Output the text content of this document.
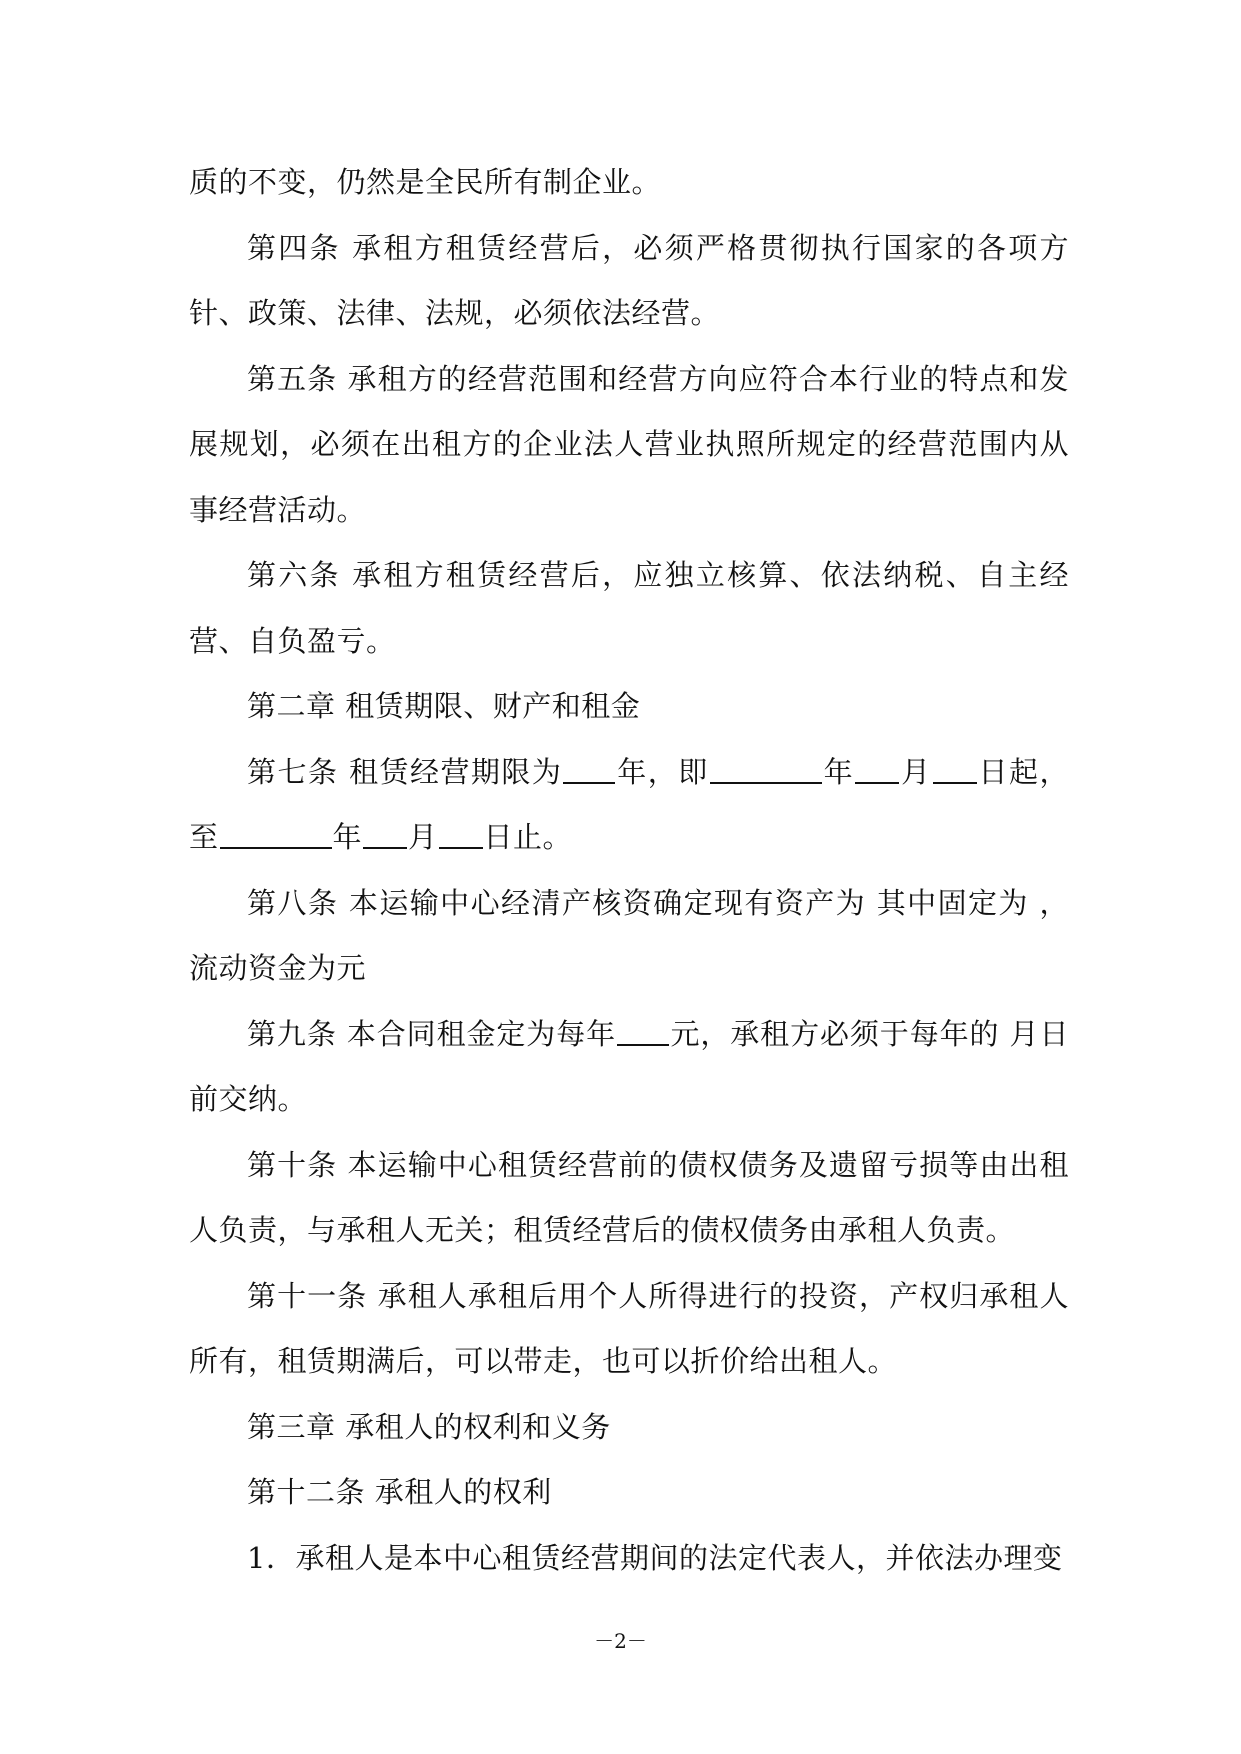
质的不变，仍然是全民所有制企业。

第四条 承租方租赁经营后，必须严格贯彻执行国家的各项方针、政策、法律、法规，必须依法经营。

第五条 承租方的经营范围和经营方向应符合本行业的特点和发展规划，必须在出租方的企业法人营业执照所规定的经营范围内从事经营活动。

第六条 承租方租赁经营后，应独立核算、依法纳税、自主经营、自负盈亏。

第二章 租赁期限、财产和租金

第七条 租赁经营期限为 年，即	年 月 日起，至	年 月 日止。

第八条 本运输中心经清产核资确定现有资产为 其中固定为 ，流动资金为元

第九条 本合同租金定为每年 元，承租方必须于每年的 月日前交纳。

第十条 本运输中心租赁经营前的债权债务及遗留亏损等由出租人负责，与承租人无关；租赁经营后的债权债务由承租人负责。

第十一条 承租人承租后用个人所得进行的投资，产权归承租人所有，租赁期满后，可以带走，也可以折价给出租人。

第三章 承租人的权利和义务

第十二条 承租人的权利

1．承租人是本中心租赁经营期间的法定代表人，并依法办理变

－2－
